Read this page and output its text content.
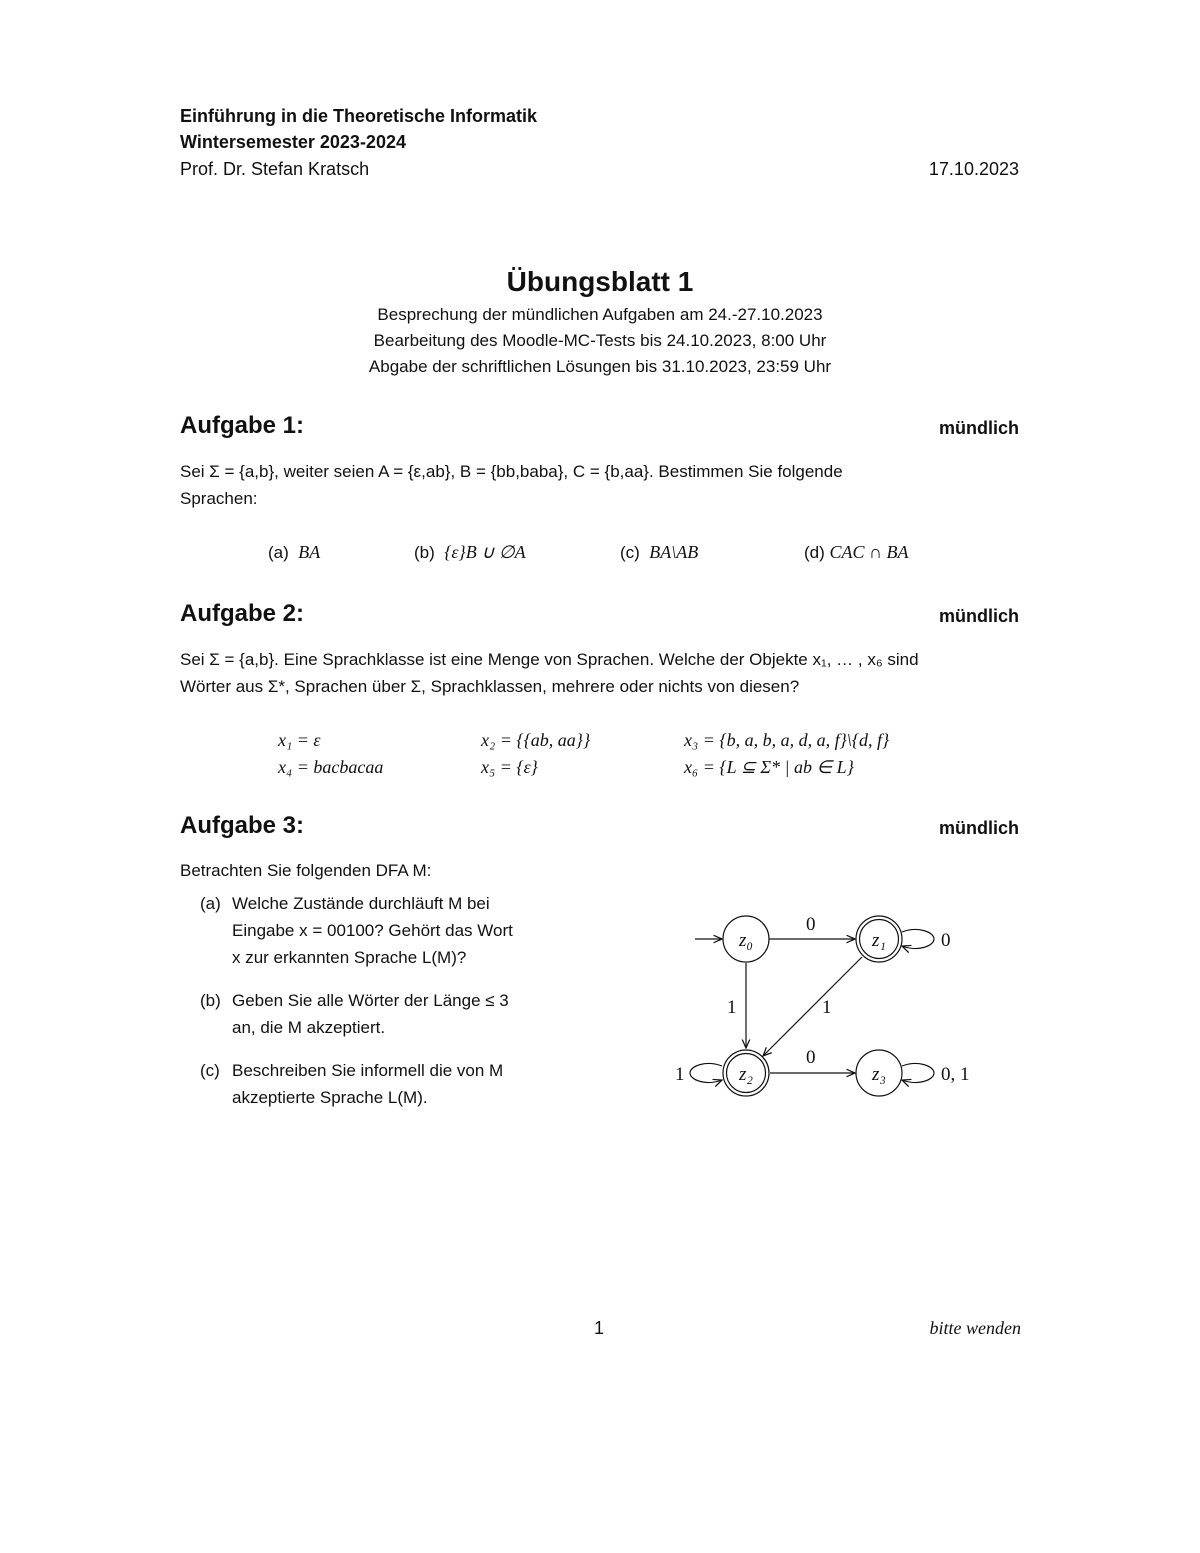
Einführung in die Theoretische Informatik
Wintersemester 2023-2024
Prof. Dr. Stefan Kratsch	17.10.2023
Übungsblatt 1
Besprechung der mündlichen Aufgaben am 24.-27.10.2023
Bearbeitung des Moodle-MC-Tests bis 24.10.2023, 8:00 Uhr
Abgabe der schriftlichen Lösungen bis 31.10.2023, 23:59 Uhr
Aufgabe 1:	mündlich
Sei Σ = {a,b}, weiter seien A = {ε,ab}, B = {bb,baba}, C = {b,aa}. Bestimmen Sie folgende
Sprachen:
(a) BA	(b) {ε}B ∪ ∅A	(c) BA\AB	(d) CAC ∩ BA
Aufgabe 2:	mündlich
Sei Σ = {a,b}. Eine Sprachklasse ist eine Menge von Sprachen. Welche der Objekte x₁, … , x₆ sind
Wörter aus Σ*, Sprachen über Σ, Sprachklassen, mehrere oder nichts von diesen?
x₁ = ε	x₂ = {{ab, aa}}	x₃ = {b, a, b, a, d, a, f}\{d, f}
x₄ = bacbacaa	x₅ = {ε}	x₆ = {L ⊆ Σ* | ab ∈ L}
Aufgabe 3:	mündlich
Betrachten Sie folgenden DFA M:
(a) Welche Zustände durchläuft M bei
Eingabe x = 00100? Gehört das Wort
x zur erkannten Sprache L(M)?
(b) Geben Sie alle Wörter der Länge ≤ 3
an, die M akzeptiert.
(c) Beschreiben Sie informell die von M
akzeptierte Sprache L(M).
z₀	z₁
z₂	z₃
0
0
1	1
0
1	0, 1
1	bitte wenden
